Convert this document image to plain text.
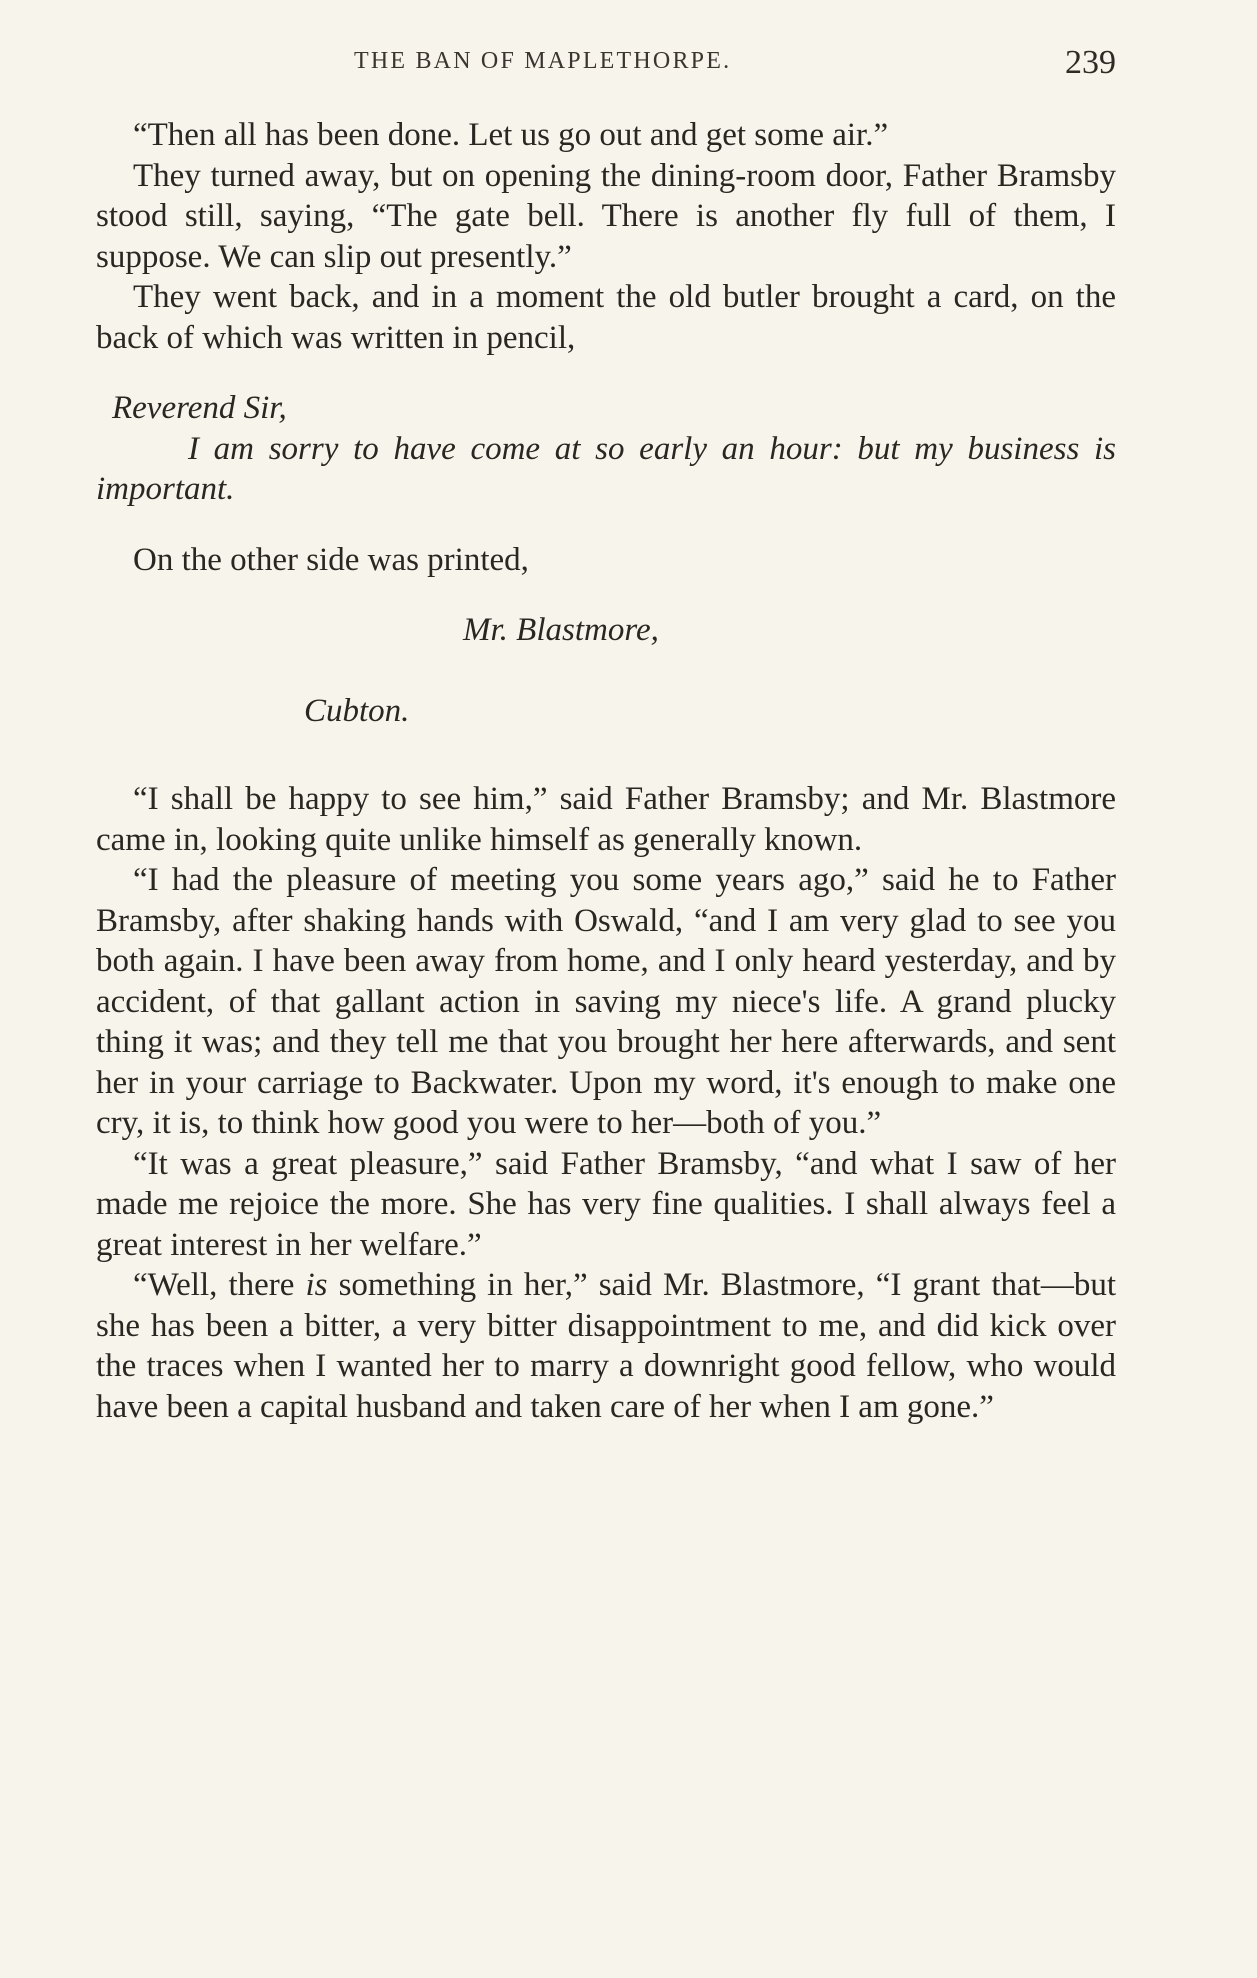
THE BAN OF MAPLETHORPE.	239

“Then all has been done. Let us go out and get some air.”

They turned away, but on opening the dining-room door, Father Bramsby stood still, saying, “The gate bell. There is another fly full of them, I suppose. We can slip out presently.”

They went back, and in a moment the old butler brought a card, on the back of which was written in pencil,

Reverend Sir,

I am sorry to have come at so early an hour: but my business is important.

On the other side was printed,

Mr. Blastmore,

Cubton.

“I shall be happy to see him,” said Father Bramsby; and Mr. Blastmore came in, looking quite unlike himself as generally known.

“I had the pleasure of meeting you some years ago,” said he to Father Bramsby, after shaking hands with Oswald, “and I am very glad to see you both again. I have been away from home, and I only heard yesterday, and by accident, of that gallant action in saving my niece's life. A grand plucky thing it was; and they tell me that you brought her here afterwards, and sent her in your carriage to Backwater. Upon my word, it's enough to make one cry, it is, to think how good you were to her—both of you.”

“It was a great pleasure,” said Father Bramsby, “and what I saw of her made me rejoice the more. She has very fine qualities. I shall always feel a great interest in her welfare.”

“Well, there is something in her,” said Mr. Blastmore, “I grant that—but she has been a bitter, a very bitter disappointment to me, and did kick over the traces when I wanted her to marry a downright good fellow, who would have been a capital husband and taken care of her when I am gone.”
